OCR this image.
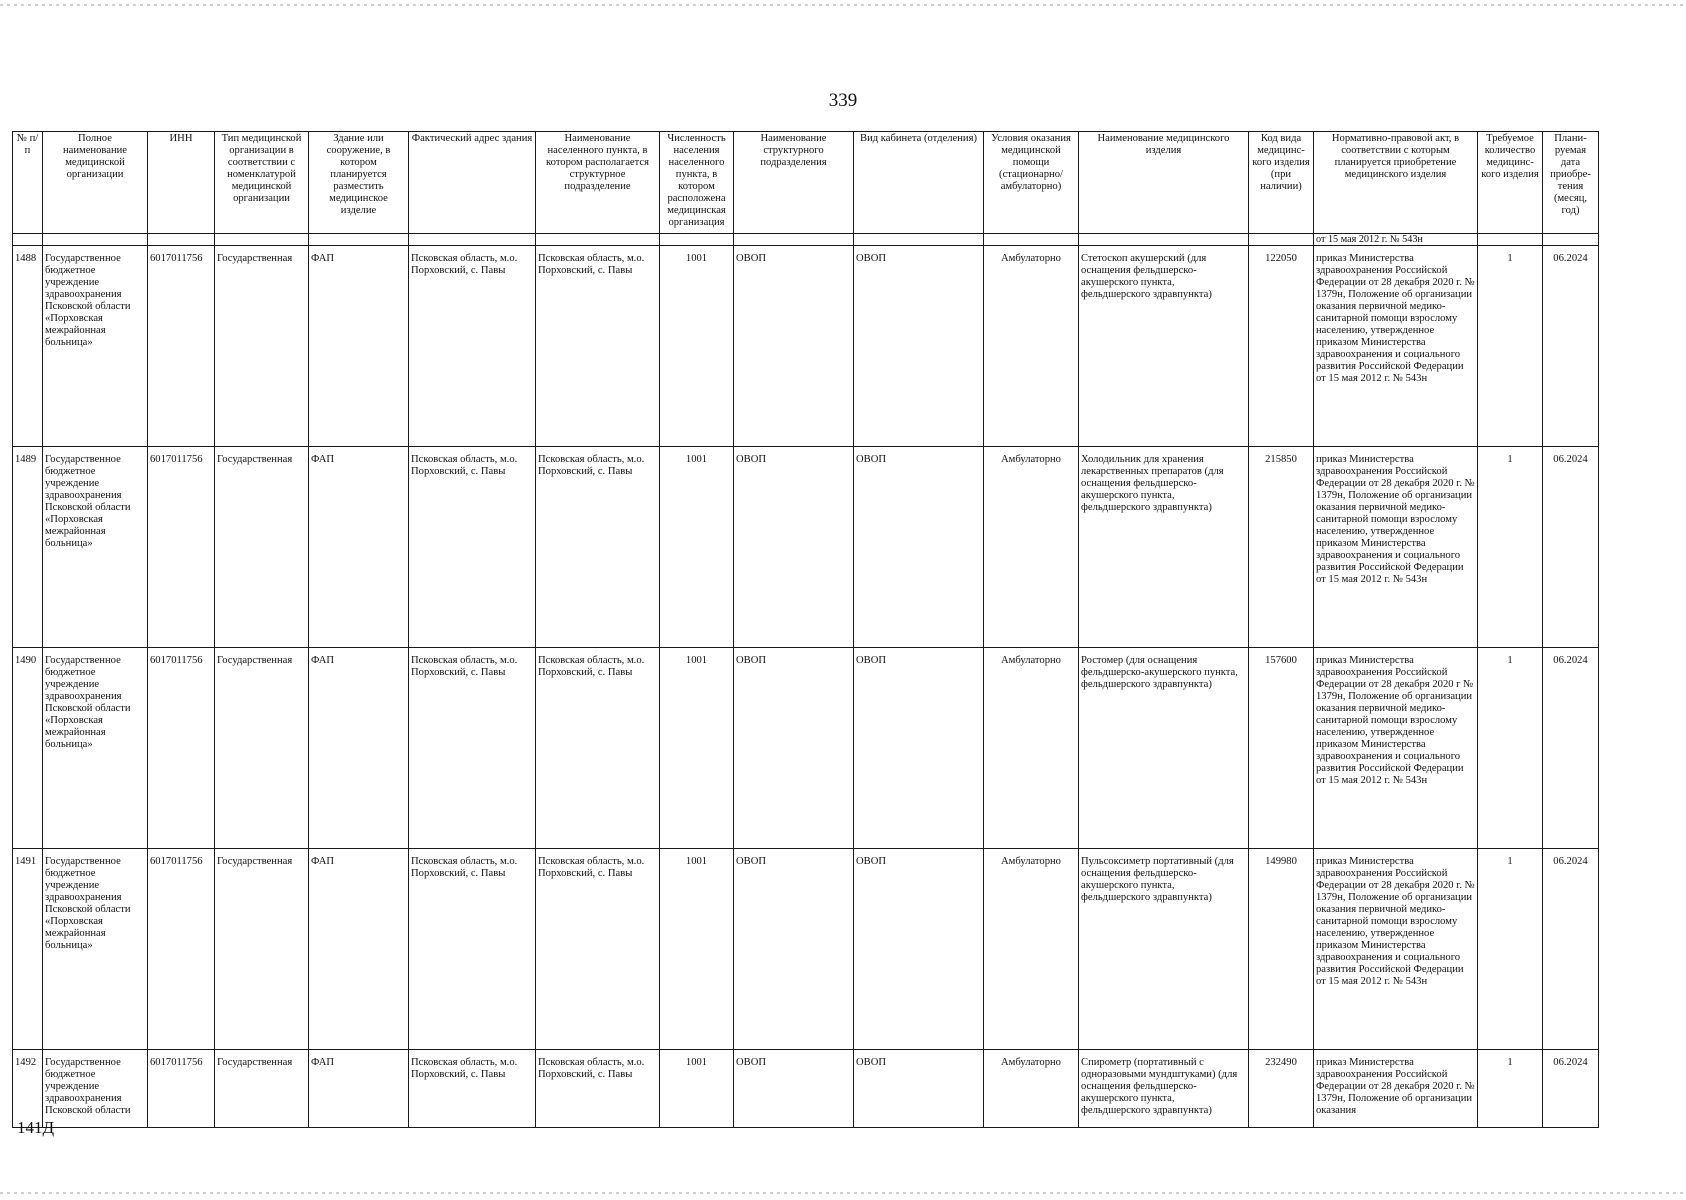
339
№ п/п	Полное наименование медицинской организации	ИНН	Тип медицинской организации в соответствии с номенклатурой медицинской организации	Здание или сооружение, в котором планируется разместить медицинское изделие	Фактический адрес здания	Наименование населенного пункта, в котором располагается структурное подразделение	Численность населения населенного пункта, в котором расположена медицинская организация	Наименование структурного подразделения	Вид кабинета (отделения)	Условия оказания медицинской помощи (стационарно/ амбулаторно)	Наименование медицинского изделия	Код вида медицинс-кого изделия (при наличии)	Нормативно-правовой акт, в соответствии с которым планируется приобретение медицинского изделия	Требуемое количество медицинс-кого изделия	Плани-руемая дата приобре-тения (месяц, год)
													от 15 мая 2012 г. № 543н		
1488	Государственное бюджетное учреждение здравоохранения Псковской области «Порховская межрайонная больница»	6017011756	Государственная	ФАП	Псковская область, м.о. Порховский, с. Павы	Псковская область, м.о. Порховский, с. Павы	1001	ОВОП	ОВОП	Амбулаторно	Стетоскоп акушерский (для оснащения фельдшерско-акушерского пункта, фельдшерского здравпункта)	122050	приказ Министерства здравоохранения Российской Федерации от 28 декабря 2020 г. № 1379н, Положение об организации оказания первичной медико-санитарной помощи взрослому населению, утвержденное приказом Министерства здравоохранения и социального развития Российской Федерации от 15 мая 2012 г. № 543н	1	06.2024
1489	Государственное бюджетное учреждение здравоохранения Псковской области «Порховская межрайонная больница»	6017011756	Государственная	ФАП	Псковская область, м.о. Порховский, с. Павы	Псковская область, м.о. Порховский, с. Павы	1001	ОВОП	ОВОП	Амбулаторно	Холодильник для хранения лекарственных препаратов (для оснащения фельдшерско-акушерского пункта, фельдшерского здравпункта)	215850	приказ Министерства здравоохранения Российской Федерации от 28 декабря 2020 г. № 1379н, Положение об организации оказания первичной медико-санитарной помощи взрослому населению, утвержденное приказом Министерства здравоохранения и социального развития Российской Федерации от 15 мая 2012 г. № 543н	1	06.2024
1490	Государственное бюджетное учреждение здравоохранения Псковской области «Порховская межрайонная больница»	6017011756	Государственная	ФАП	Псковская область, м.о. Порховский, с. Павы	Псковская область, м.о. Порховский, с. Павы	1001	ОВОП	ОВОП	Амбулаторно	Ростомер (для оснащения фельдшерско-акушерского пункта, фельдшерского здравпункта)	157600	приказ Министерства здравоохранения Российской Федерации от 28 декабря 2020 г № 1379н, Положение об организации оказания первичной медико-санитарной помощи взрослому населению, утвержденное приказом Министерства здравоохранения и социального развития Российской Федерации от 15 мая 2012 г. № 543н	1	06.2024
1491	Государственное бюджетное учреждение здравоохранения Псковской области «Порховская межрайонная больница»	6017011756	Государственная	ФАП	Псковская область, м.о. Порховский, с. Павы	Псковская область, м.о. Порховский, с. Павы	1001	ОВОП	ОВОП	Амбулаторно	Пульсоксиметр портативный (для оснащения фельдшерско-акушерского пункта, фельдшерского здравпункта)	149980	приказ Министерства здравоохранения Российской Федерации от 28 декабря 2020 г. № 1379н, Положение об организации оказания первичной медико-санитарной помощи взрослому населению, утвержденное приказом Министерства здравоохранения и социального развития Российской Федерации от 15 мая 2012 г. № 543н	1	06.2024
1492	Государственное бюджетное учреждение здравоохранения Псковской области	6017011756	Государственная	ФАП	Псковская область, м.о. Порховский, с. Павы	Псковская область, м.о. Порховский, с. Павы	1001	ОВОП	ОВОП	Амбулаторно	Спирометр (портативный с одноразовыми мундштуками) (для оснащения фельдшерско-акушерского пункта, фельдшерского здравпункта)	232490	приказ Министерства здравоохранения Российской Федерации от 28 декабря 2020 г. № 1379н, Положение об организации оказания	1	06.2024
141Д
